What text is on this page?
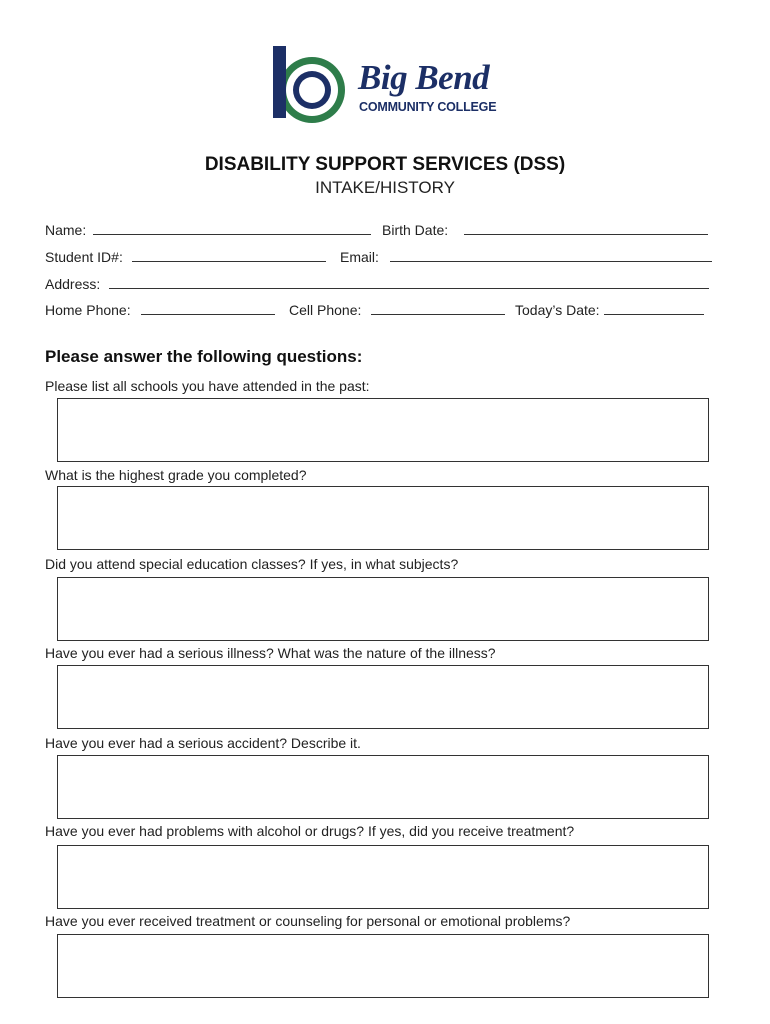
Big Bend
COMMUNITY COLLEGE
DISABILITY SUPPORT SERVICES (DSS)
INTAKE/HISTORY
Name:	Birth Date:
Student ID#:	Email:
Address:
Home Phone:	Cell Phone:	Today’s Date:
Please answer the following questions:
Please list all schools you have attended in the past:
What is the highest grade you completed?
Did you attend special education classes? If yes, in what subjects?
Have you ever had a serious illness? What was the nature of the illness?
Have you ever had a serious accident? Describe it.
Have you ever had problems with alcohol or drugs? If yes, did you receive treatment?
Have you ever received treatment or counseling for personal or emotional problems?
